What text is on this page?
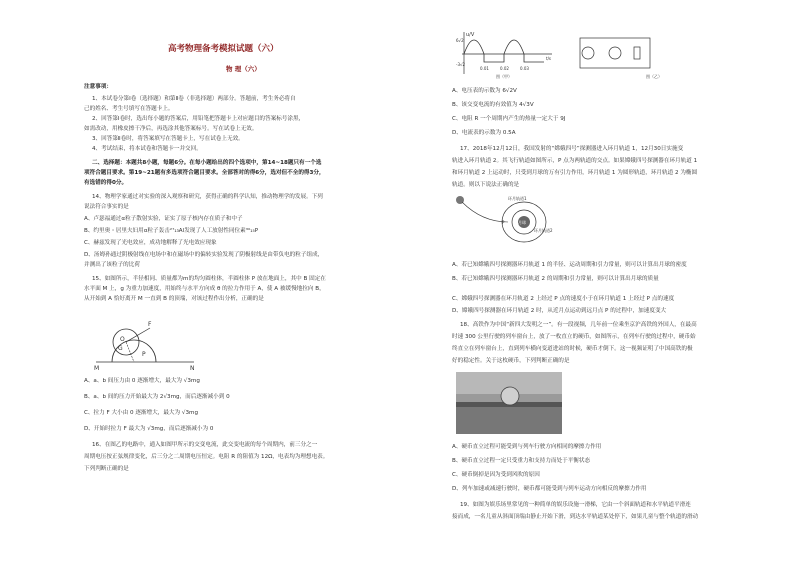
高考物理备考模拟试题（六）
物 理（六）
注意事项：
1、本试卷分第Ⅰ卷（选择题）和第Ⅱ卷（非选择题）两部分。答题前，考生务必将自
己的姓名、考生号填写在答题卡上。
2、回答第Ⅰ卷时，选出每小题的答案后，用铅笔把答题卡上对应题目的答案标号涂黑，
如需改动，用橡皮擦干净后，再选涂其他答案标号。写在试卷上无效。
3、回答第Ⅱ卷时，将答案填写在答题卡上，写在试卷上无效。
4、考试结束，将本试卷和答题卡一并交回。
二、选择题：本题共8小题，每题6分。在每小题给出的四个选项中，第14~18题只有一个选
项符合题目要求。第19~21题有多选项符合题目要求。全部答对的得6分，选对但不全的得3分，
有选错的得0分。
14、物理学家通过对实验的深入观察和研究，获得正确的科学认知，推动物理学的发展。下列
说法符合事实的是
A、卢瑟福通过α粒子散射实验，证实了原子核内存在质子和中子
B、约里奥・居里夫妇用α粒子轰击²⁷₁₃Al发现了人工放射性同位素³⁰₁₅P
C、赫兹发现了光电效应，成功地解释了光电效应现象
D、汤姆孙通过阴极射线在电场中和在磁场中的偏转实验发现了阴极射线是由带负电的粒子组成，
并测出了该粒子的比荷
15、如图所示，半径相同、质量都为m的均匀圆柱体，半圆柱体 P 放在地面上，其中 B 固定在
水平面 M 上，g 为重力加速度，用始终与水平方向成 θ 的拉力作用于 A，使 A 被缓慢地拉向 B，
从开始到 A 恰好离开 M 一直到 B 的顶端，对该过程作出分析，正确的是
O
G
F
M	N
P
A、a、b 间压力由 0 逐渐增大，最大为 √3mg
B、a、b 间的压力开始最大为 2√3mg，而后逐渐减小到 0
C、拉力 F 大小由 0 逐渐增大，最大为 √3mg
D、开始时拉力 F 最大为 √3mg，而后逐渐减小为 0
16、在图乙的电路中，通入如图甲所示的交变电流，此交变电流的每个周期内，前三分之一
周期电压按正弦规律变化，后三分之二周期电压恒定。电阻 R 的阻值为 12Ω，电表均为理想电表。
下列判断正确的是
u/V
6√2
-3√2
t/s
0.01	0.02	0.03
图（甲）	图（乙）
A、电压表的示数为 6√2V
B、该交变电流的有效值为 4√3V
C、电阻 R 一个周期内产生的热量一定大于 9J
D、电流表的示数为 0.5A
17、2018年12月12日，我国发射的“嫦娥四号”探测器进入环月轨道 1，12月30日实施变
轨进入环月轨道 2。其飞行轨道如图所示，P 点为两轨道的交点。如果嫦娥四号探测器在环月轨道 1
和环月轨道 2 上运动时，只受到月球的万有引力作用，环月轨道 1 为圆形轨道，环月轨道 2 为椭圆
轨道。则以下说法正确的是
环月轨道1
环月轨道2
月球
P
A、若已知嫦娥四号探测器环月轨道 1 的半径、运动周期和引力常量，则可以计算出月球的密度
B、若已知嫦娥四号探测器环月轨道 2 的周期和引力常量，则可以计算出月球的质量
C、嫦娥四号探测器在环月轨道 2 上经过 P 点的速度小于在环月轨道 1 上经过 P 点的速度
D、嫦娥四号探测器在环月轨道 2 时，从近月点运动到远月点 P 的过程中，加速度变大
18、高铁作为中国“新四大发明之一”。有一段视频，几年前一位乘坐京沪高铁的外国人，在最高
时速 300 公里行驶的列车窗台上，放了一枚直立的硬币，如图所示，在列车行驶的过程中，硬币始
终直立在列车窗台上，直到列车横向变道进站的时候，硬币才倒下。这一视频证明了中国高铁的极
好的稳定性。关于这枚硬币，下列判断正确的是
A、硬币直立过程可能受到与列车行驶方向相同的摩擦力作用
B、硬币直立过程一定只受重力和支持力而处于平衡状态
C、硬币倒掉是因为受到风吹的原因
D、列车加速或减速行驶时，硬币都可能受到与列车运动方向相反的摩擦力作用
19、如图为娱乐场里常见的一种简单的娱乐设施一滑梯，它由一个斜面轨道和水平轨道平滑连
接而成，一名儿童从斜面顶端由静止开始下滑，到达水平轨道某处停下，如果儿童与整个轨道的滑动
